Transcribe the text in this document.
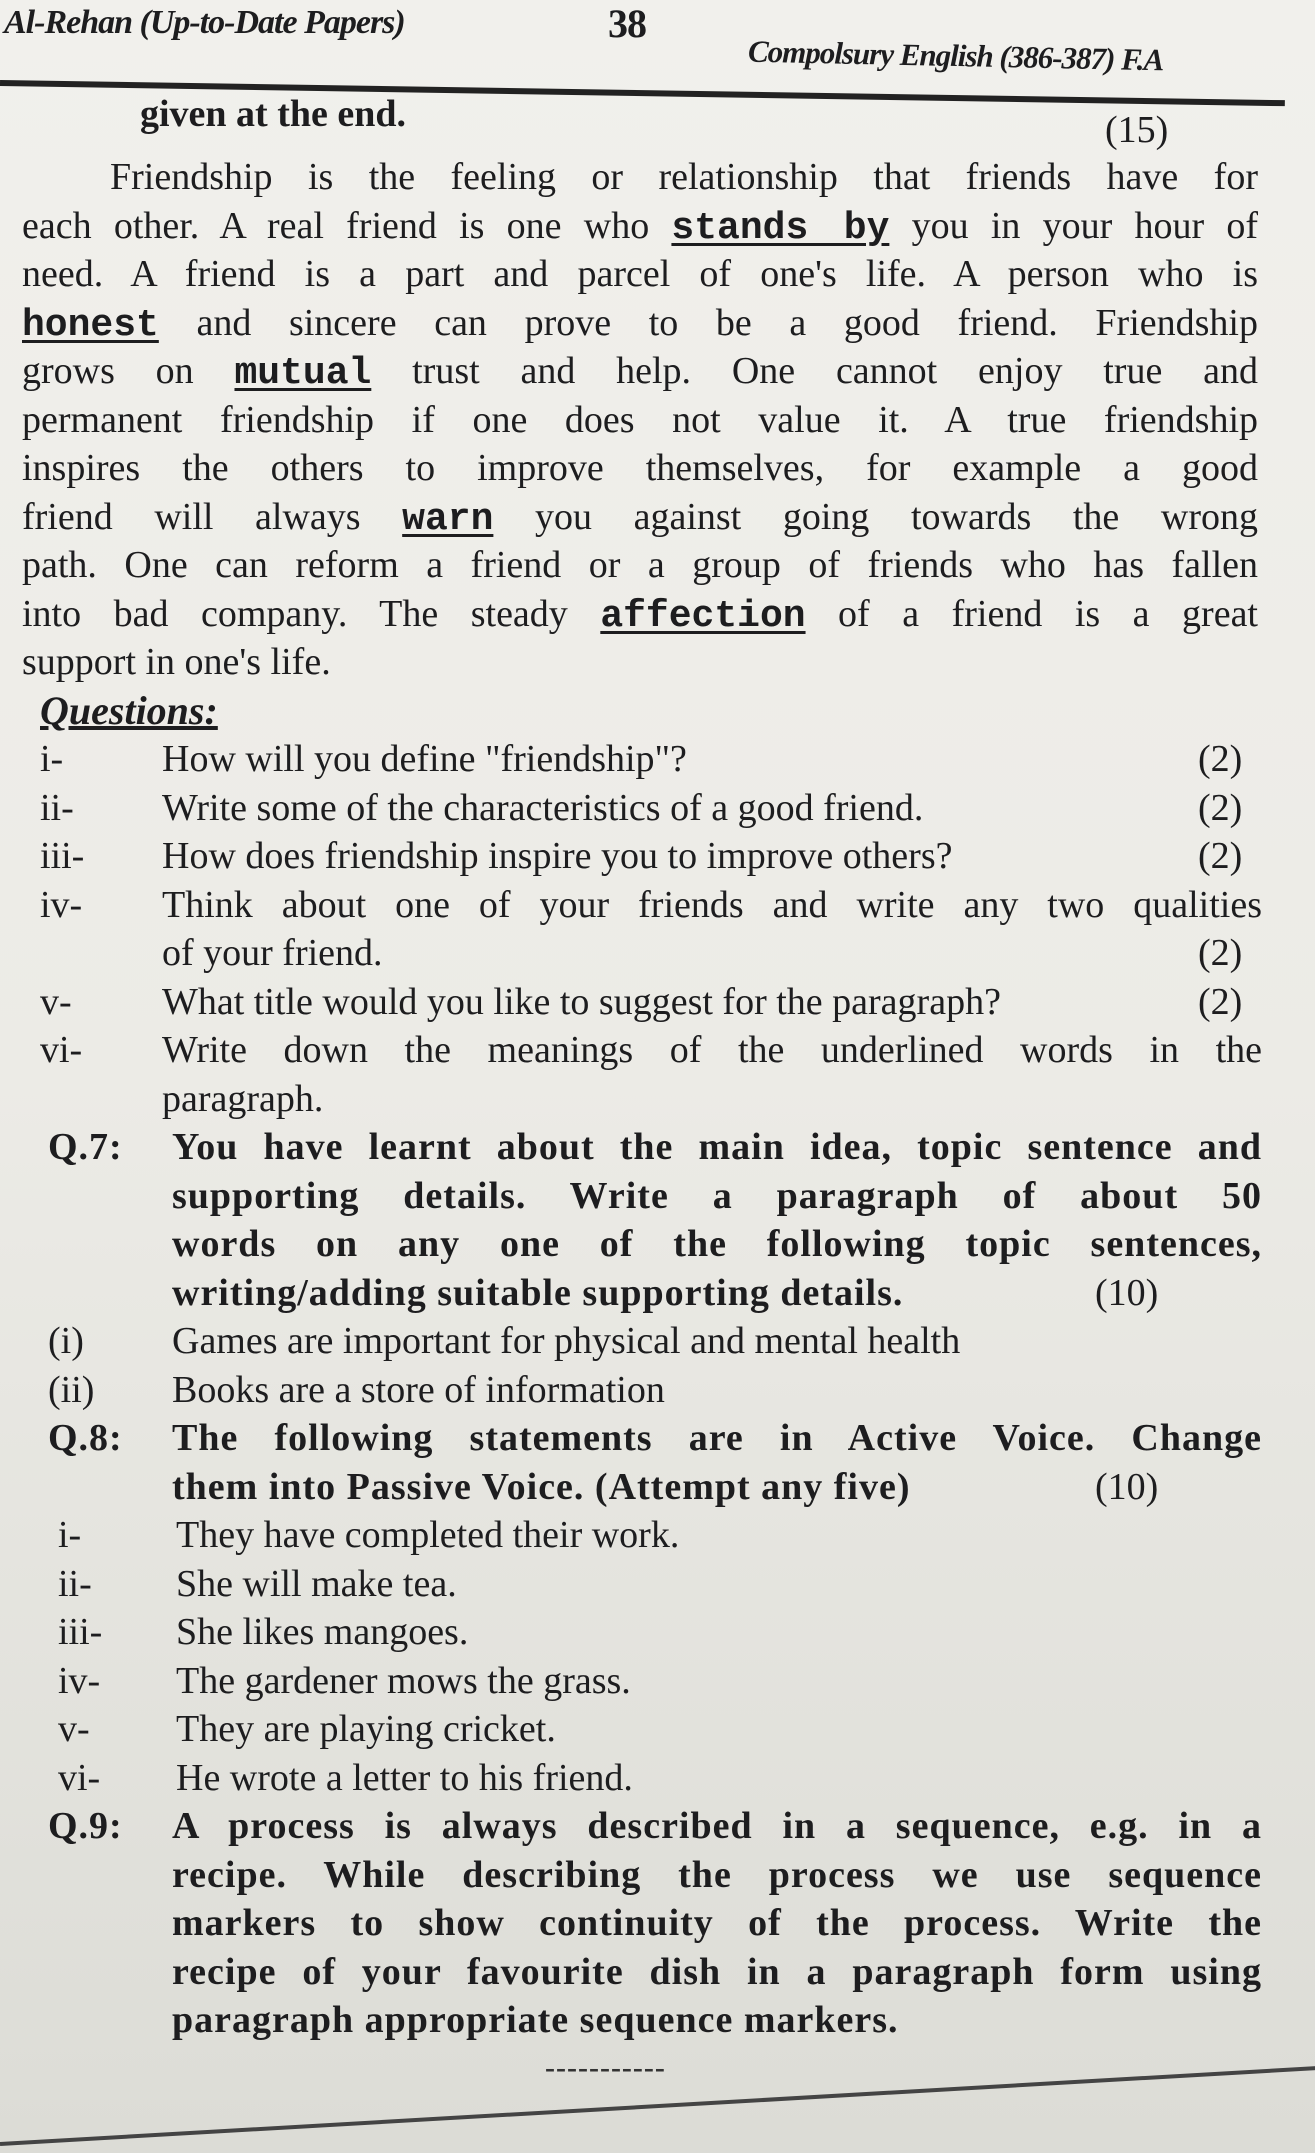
Al-Rehan (Up-to-Date Papers)	38
Compolsury English (386-387) F.A
given at the end.	(15)
Friendship is the feeling or relationship that friends have for
each other. A real friend is one who stands by you in your hour of
need. A friend is a part and parcel of one's life. A person who is
honest and sincere can prove to be a good friend. Friendship
grows on mutual trust and help. One cannot enjoy true and
permanent friendship if one does not value it. A true friendship
inspires the others to improve themselves, for example a good
friend will always warn you against going towards the wrong
path. One can reform a friend or a group of friends who has fallen
into bad company. The steady affection of a friend is a great
support in one's life.
Questions:
i-	How will you define "friendship"?	(2)
ii- Write some of the characteristics of a good friend.	(2)
iii- How does friendship inspire you to improve others?	(2)
iv- Think about one of your friends and write any two qualities
of your friend.	(2)
v- What title would you like to suggest for the paragraph?	(2)
vi- Write down the meanings of the underlined words in the
paragraph.
Q.7: You have learnt about the main idea, topic sentence and
supporting details. Write a paragraph of about 50
words on any one of the following topic sentences,
writing/adding suitable supporting details.	(10)
(i) Games are important for physical and mental health
(ii) Books are a store of information
Q.8: The following statements are in Active Voice. Change
them into Passive Voice. (Attempt any five)	(10)
i- They have completed their work.
ii- She will make tea.
iii- She likes mangoes.
iv- The gardener mows the grass.
v- They are playing cricket.
vi- He wrote a letter to his friend.
Q.9: A process is always described in a sequence, e.g. in a
recipe. While describing the process we use sequence
markers to show continuity of the process. Write the
recipe of your favourite dish in a paragraph form using
paragraph appropriate sequence markers.
-----------
